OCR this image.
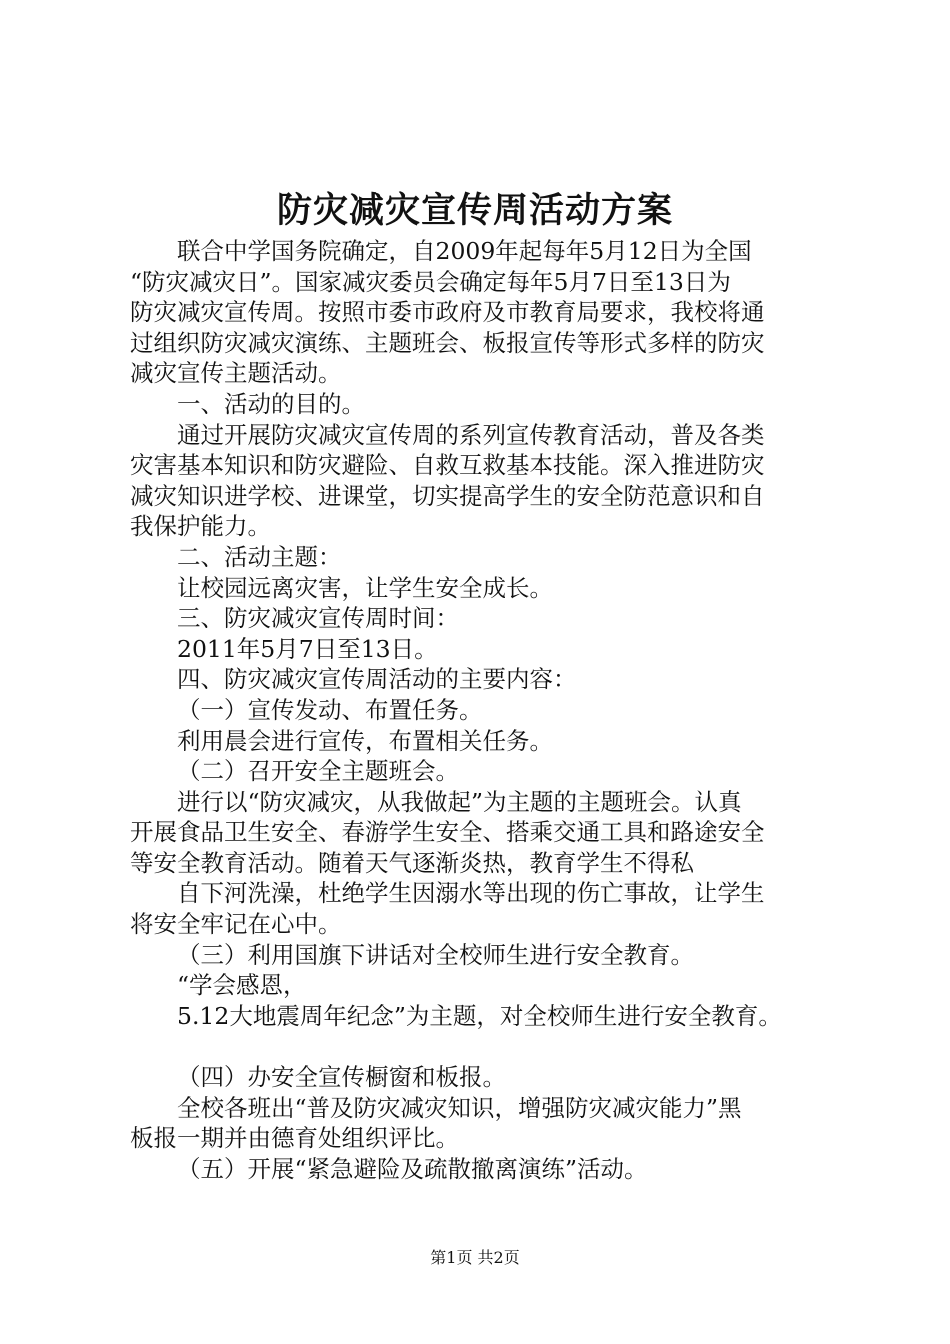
防灾减灾宣传周活动方案
联合中学国务院确定，自2009年起每年5月12日为全国
“防灾减灾日”。国家减灾委员会确定每年5月7日至13日为
防灾减灾宣传周。按照市委市政府及市教育局要求，我校将通
过组织防灾减灾演练、主题班会、板报宣传等形式多样的防灾
减灾宣传主题活动。
一、活动的目的。
通过开展防灾减灾宣传周的系列宣传教育活动，普及各类
灾害基本知识和防灾避险、自救互救基本技能。深入推进防灾
减灾知识进学校、进课堂，切实提高学生的安全防范意识和自
我保护能力。
二、活动主题：
让校园远离灾害，让学生安全成长。
三、防灾减灾宣传周时间：
2011年5月7日至13日。
四、防灾减灾宣传周活动的主要内容：
（一）宣传发动、布置任务。
利用晨会进行宣传，布置相关任务。
（二）召开安全主题班会。
进行以“防灾减灾，从我做起”为主题的主题班会。认真
开展食品卫生安全、春游学生安全、搭乘交通工具和路途安全
等安全教育活动。随着天气逐渐炎热，教育学生不得私
自下河洗澡，杜绝学生因溺水等出现的伤亡事故，让学生
将安全牢记在心中。
（三）利用国旗下讲话对全校师生进行安全教育。
“学会感恩，
5.12大地震周年纪念”为主题，对全校师生进行安全教育。
（四）办安全宣传橱窗和板报。
全校各班出“普及防灾减灾知识，增强防灾减灾能力”黑
板报一期并由德育处组织评比。
（五）开展“紧急避险及疏散撤离演练”活动。
第1页 共2页
